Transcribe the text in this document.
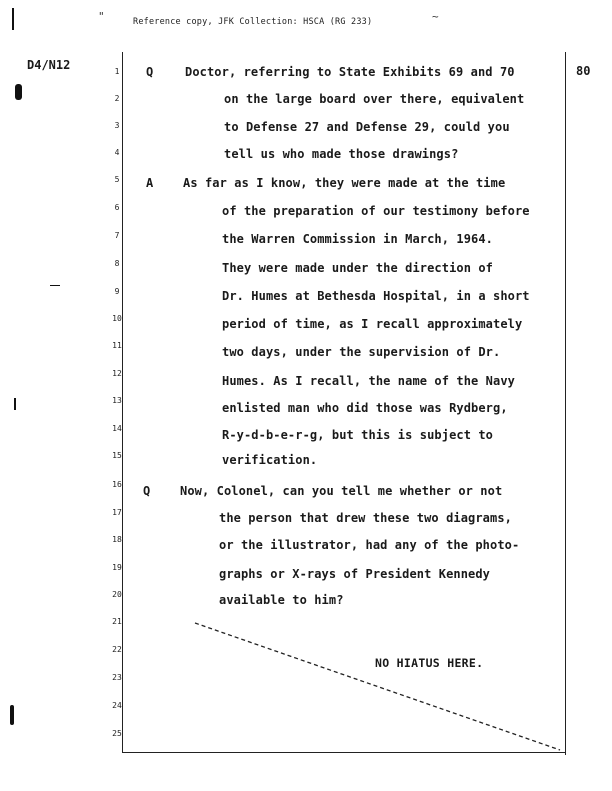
"	Reference copy, JFK Collection: HSCA (RG 233)	~
D4/N12	80
1
2
3
4
5
6
7
8
9
10
11
12
13
14
15
16
17
18
19
20
21
22
23
24
25
Q	Doctor, referring to State Exhibits 69 and 70
on the large board over there, equivalent
to Defense 27 and Defense 29, could you
tell us who made those drawings?
A As far as I know, they were made at the time
of the preparation of our testimony before
the Warren Commission in March, 1964.
They were made under the direction of
Dr. Humes at Bethesda Hospital, in a short
period of time, as I recall approximately
two days, under the supervision of Dr.
Humes. As I recall, the name of the Navy
enlisted man who did those was Rydberg,
R-y-d-b-e-r-g, but this is subject to
verification.
Q Now, Colonel, can you tell me whether or not
the person that drew these two diagrams,
or the illustrator, had any of the photo-
graphs or X-rays of President Kennedy
available to him?
NO HIATUS HERE.
